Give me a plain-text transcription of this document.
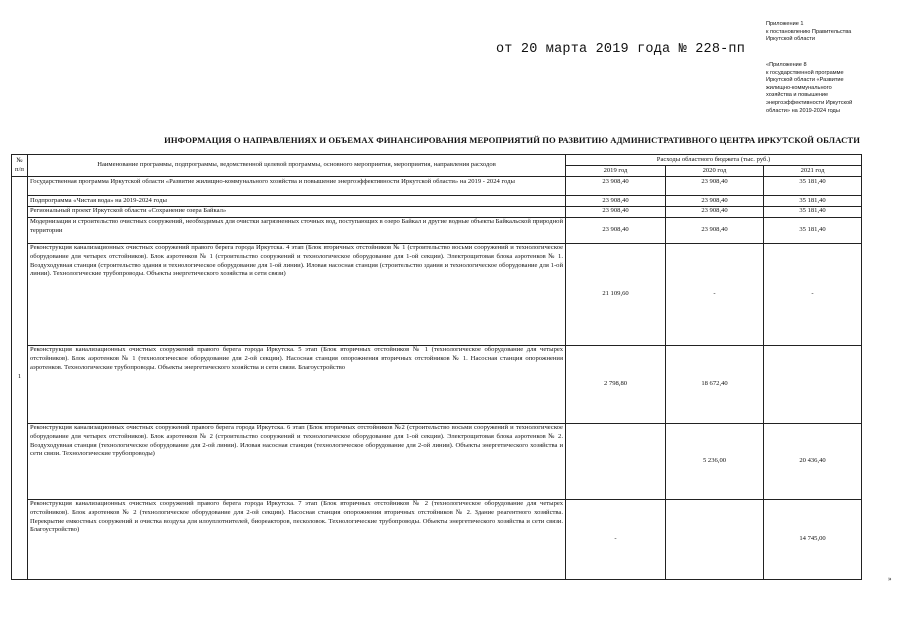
от 20 марта 2019 года № 228-пп
Приложение 1
к постановлению Правительства
Иркутской области
«Приложение 8
к государственной программе
Иркутской области «Развитие
жилищно-коммунального
хозяйства и повышение
энергоэффективности Иркутской
области» на 2019-2024 годы
ИНФОРМАЦИЯ О НАПРАВЛЕНИЯХ И ОБЪЕМАХ ФИНАНСИРОВАНИЯ МЕРОПРИЯТИЙ ПО РАЗВИТИЮ АДМИНИСТРАТИВНОГО ЦЕНТРА ИРКУТСКОЙ ОБЛАСТИ
№ п/п	Наименование программы, подпрограммы, ведомственной целевой программы, основного мероприятия, мероприятия, направления расходов	Расходы областного бюджета (тыс. руб.)		
		2019 год	2020 год	2021 год
1	Государственная программа Иркутской области «Развитие жилищно-коммунального хозяйства и повышение энергоэффективности Иркутской области» на 2019 - 2024 годы	23 908,40	23 908,40	35 181,40
	Подпрограмма «Чистая вода» на 2019-2024 годы	23 908,40	23 908,40	35 181,40
	Региональный проект Иркутской области «Сохранение озера Байкал»	23 908,40	23 908,40	35 181,40
	Модернизация и строительство очистных сооружений, необходимых для очистки загрязненных сточных вод, поступающих в озеро Байкал и другие водные объекты Байкальской природной территории	23 908,40	23 908,40	35 181,40
	Реконструкция канализационных очистных сооружений правого берега города Иркутска. 4 этап (Блок вторичных отстойников № 1 (строительство восьми сооружений и технологическое оборудование для четырех отстойников). Блок аэротенков № 1 (строительство сооружений и технологическое оборудование для 1-ой секции). Электрощитовая блока аэротенков № 1. Воздуходувная станция (строительство здания и технологическое оборудование для 1-ой линии). Иловая насосная станция (строительство здания и технологическое оборудование для 1-ой линии). Технологические трубопроводы. Объекты энергетического хозяйства и сети связи)	21 109,60	-	-
	Реконструкция канализационных очистных сооружений правого берега города Иркутска. 5 этап (Блок вторичных отстойников № 1 (технологическое оборудование для четырех отстойников). Блок аэротенков № 1 (технологическое оборудование для 2-ой секции). Насосная станция опорожнения вторичных отстойников № 1. Насосная станция опорожнения аэротенков. Технологические трубопроводы. Объекты энергетического хозяйства и сети связи. Благоустройство	2 798,80	18 672,40	
	Реконструкция канализационных очистных сооружений правого берега города Иркутска. 6 этап (Блок вторичных отстойников №2 (строительство восьми сооружений и технологическое оборудование для четырех отстойников). Блок аэротенков № 2 (строительство сооружений и технологическое оборудование для 1-ой секции). Электрощитовая блока аэротенков № 2. Воздуходувная станция (технологическое оборудование для 2-ой линии). Иловая насосная станция (технологическое оборудование для 2-ой линии). Объекты энергетического хозяйства и сети связи. Технологические трубопроводы)		5 236,00	20 436,40
	Реконструкция канализационных очистных сооружений правого берега города Иркутска. 7 этап (Блок вторичных отстойников № 2 (технологическое оборудование для четырех отстойников). Блок аэротенков № 2 (технологическое оборудование для 2-ой секции). Насосная станция опорожнения вторичных отстойников № 2. Здание реагентного хозяйства. Перекрытие емкостных сооружений и очистка воздуха для илоуплотнителей, биореакторов, песколовок. Технологические трубопроводы. Объекты энергетического хозяйства и сети связи. Благоустройство)	-		14 745,00
»
